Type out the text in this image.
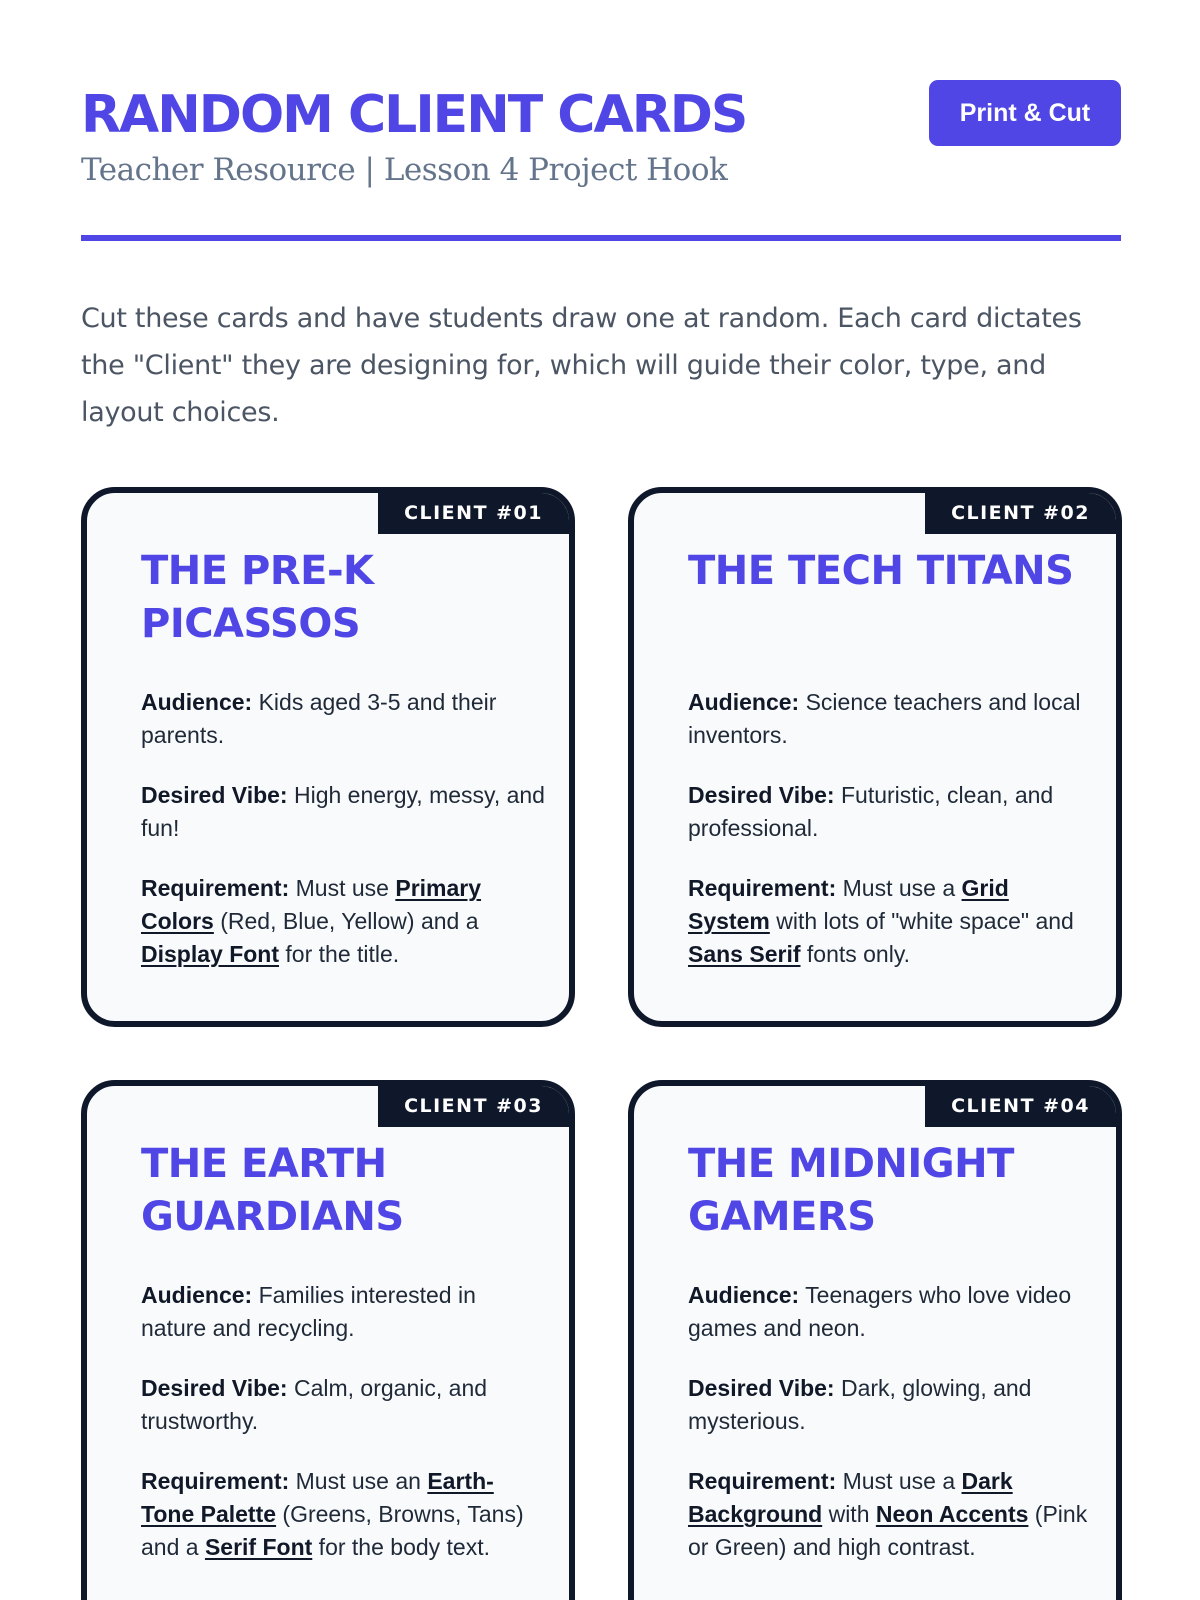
RANDOM CLIENT CARDS
Teacher Resource | Lesson 4 Project Hook
Print & Cut

Cut these cards and have students draw one at random. Each card dictates the "Client" they are designing for, which will guide their color, type, and layout choices.

CLIENT #01
THE PRE-K PICASSOS

Audience: Kids aged 3-5 and their parents.

Desired Vibe: High energy, messy, and fun!

Requirement: Must use Primary Colors (Red, Blue, Yellow) and a Display Font for the title.

CLIENT #02
THE TECH TITANS

Audience: Science teachers and local inventors.

Desired Vibe: Futuristic, clean, and professional.

Requirement: Must use a Grid System with lots of "white space" and Sans Serif fonts only.

CLIENT #03
THE EARTH GUARDIANS

Audience: Families interested in nature and recycling.

Desired Vibe: Calm, organic, and trustworthy.

Requirement: Must use an Earth-Tone Palette (Greens, Browns, Tans) and a Serif Font for the body text.

CLIENT #04
THE MIDNIGHT GAMERS

Audience: Teenagers who love video games and neon.

Desired Vibe: Dark, glowing, and mysterious.

Requirement: Must use a Dark Background with Neon Accents (Pink or Green) and high contrast.
